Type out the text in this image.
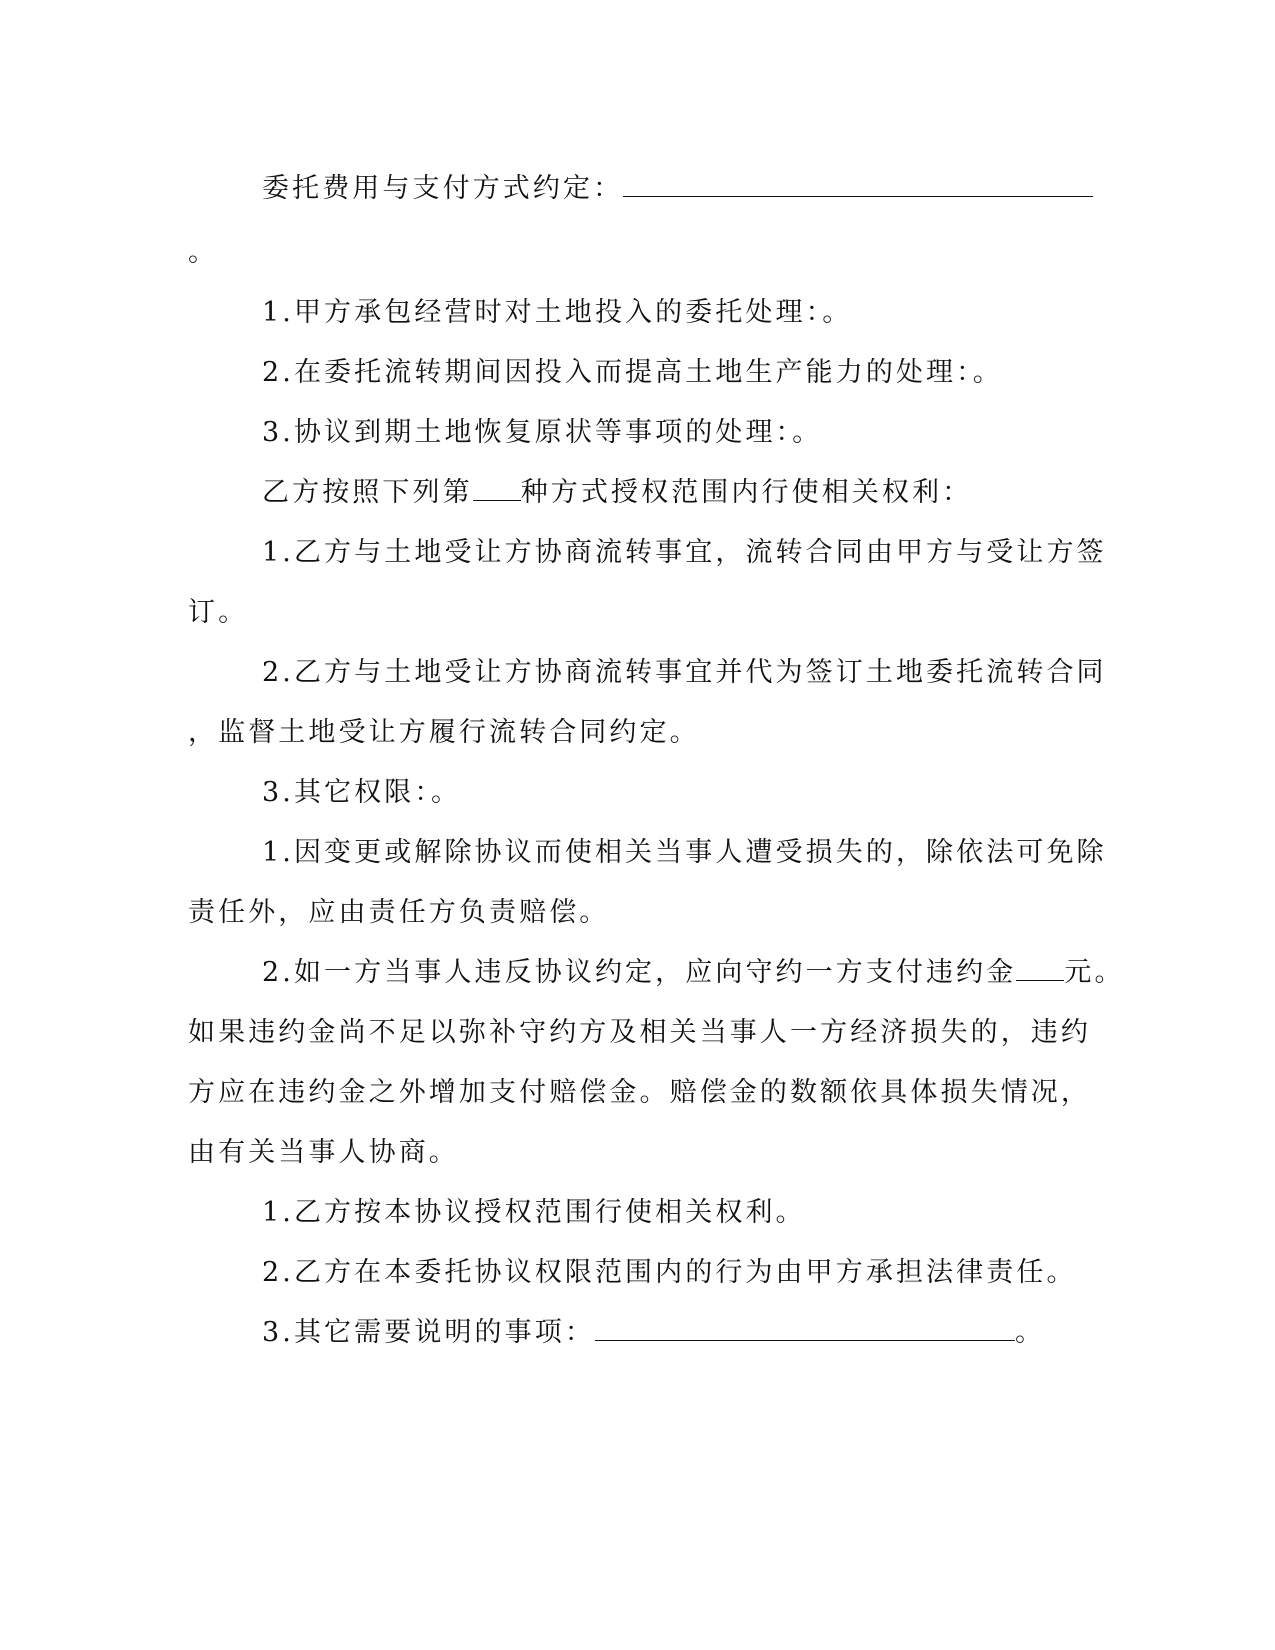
委托费用与支付方式约定：
。
1.甲方承包经营时对土地投入的委托处理：。
2.在委托流转期间因投入而提高土地生产能力的处理：。
3.协议到期土地恢复原状等事项的处理：。
乙方按照下列第 种方式授权范围内行使相关权利：
1.乙方与土地受让方协商流转事宜，流转合同由甲方与受让方签
订。
2.乙方与土地受让方协商流转事宜并代为签订土地委托流转合同
，监督土地受让方履行流转合同约定。
3.其它权限：。
1.因变更或解除协议而使相关当事人遭受损失的，除依法可免除
责任外，应由责任方负责赔偿。
2.如一方当事人违反协议约定，应向守约一方支付违约金 元。
如果违约金尚不足以弥补守约方及相关当事人一方经济损失的，违约
方应在违约金之外增加支付赔偿金。赔偿金的数额依具体损失情况，
由有关当事人协商。
1.乙方按本协议授权范围行使相关权利。
2.乙方在本委托协议权限范围内的行为由甲方承担法律责任。
3.其它需要说明的事项：	。
